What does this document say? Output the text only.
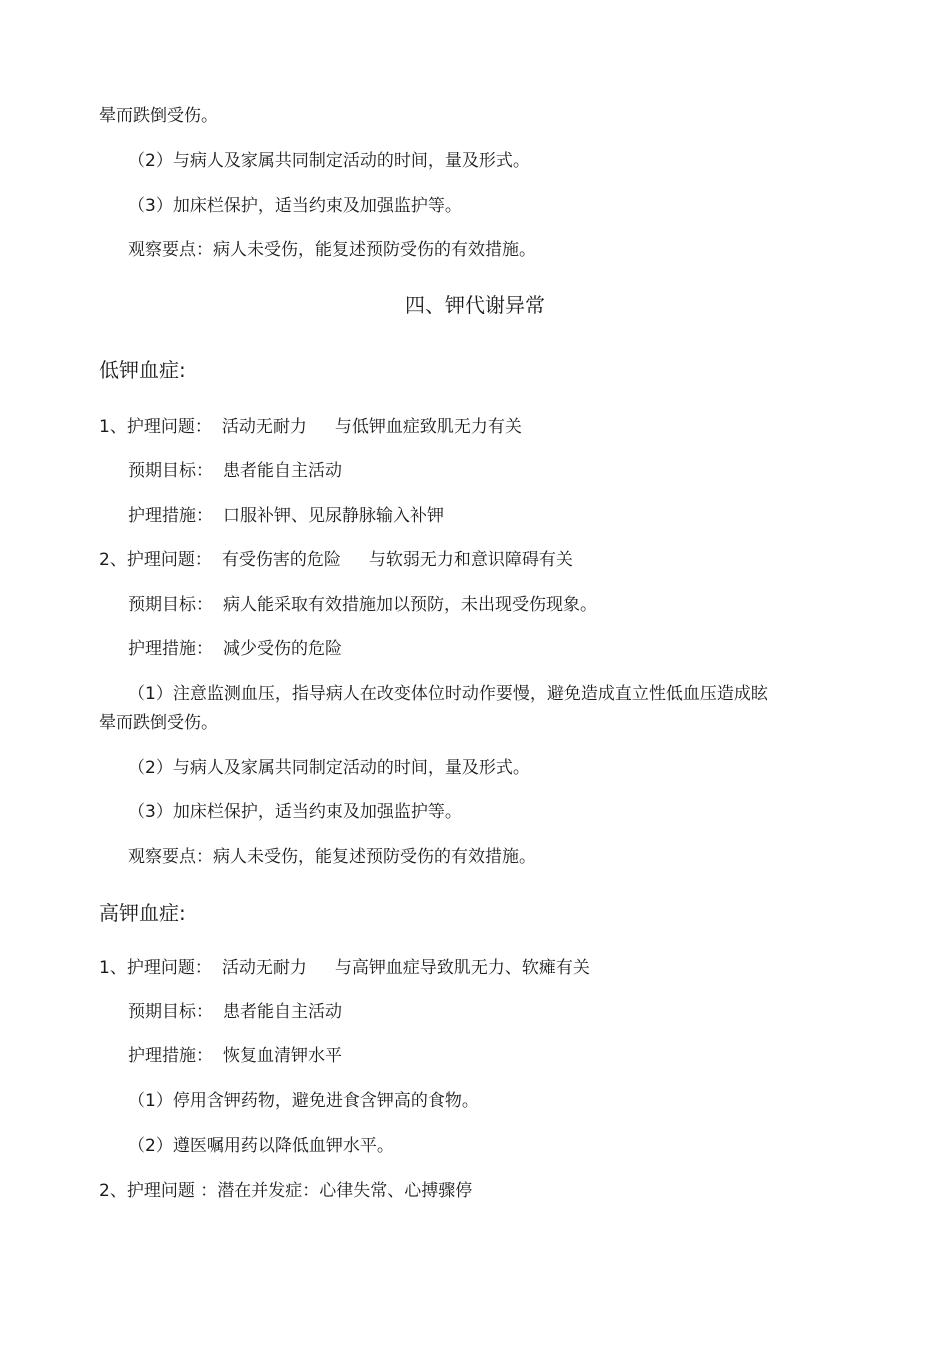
晕而跌倒受伤。
（2）与病人及家属共同制定活动的时间，量及形式。
（3）加床栏保护，适当约束及加强监护等。
观察要点：病人未受伤，能复述预防受伤的有效措施。
四、钾代谢异常
低钾血症:
1、护理问题： 活动无耐力 与低钾血症致肌无力有关
预期目标： 患者能自主活动
护理措施： 口服补钾、见尿静脉输入补钾
2、护理问题： 有受伤害的危险 与软弱无力和意识障碍有关
预期目标： 病人能采取有效措施加以预防，未出现受伤现象。
护理措施： 减少受伤的危险
（1）注意监测血压，指导病人在改变体位时动作要慢，避免造成直立性低血压造成眩
晕而跌倒受伤。
（2）与病人及家属共同制定活动的时间，量及形式。
（3）加床栏保护，适当约束及加强监护等。
观察要点：病人未受伤，能复述预防受伤的有效措施。
高钾血症:
1、护理问题： 活动无耐力 与高钾血症导致肌无力、软瘫有关
预期目标： 患者能自主活动
护理措施： 恢复血清钾水平
（1）停用含钾药物，避免进食含钾高的食物。
（2）遵医嘱用药以降低血钾水平。
2、护理问题 ：潜在并发症：心律失常、心搏骤停
